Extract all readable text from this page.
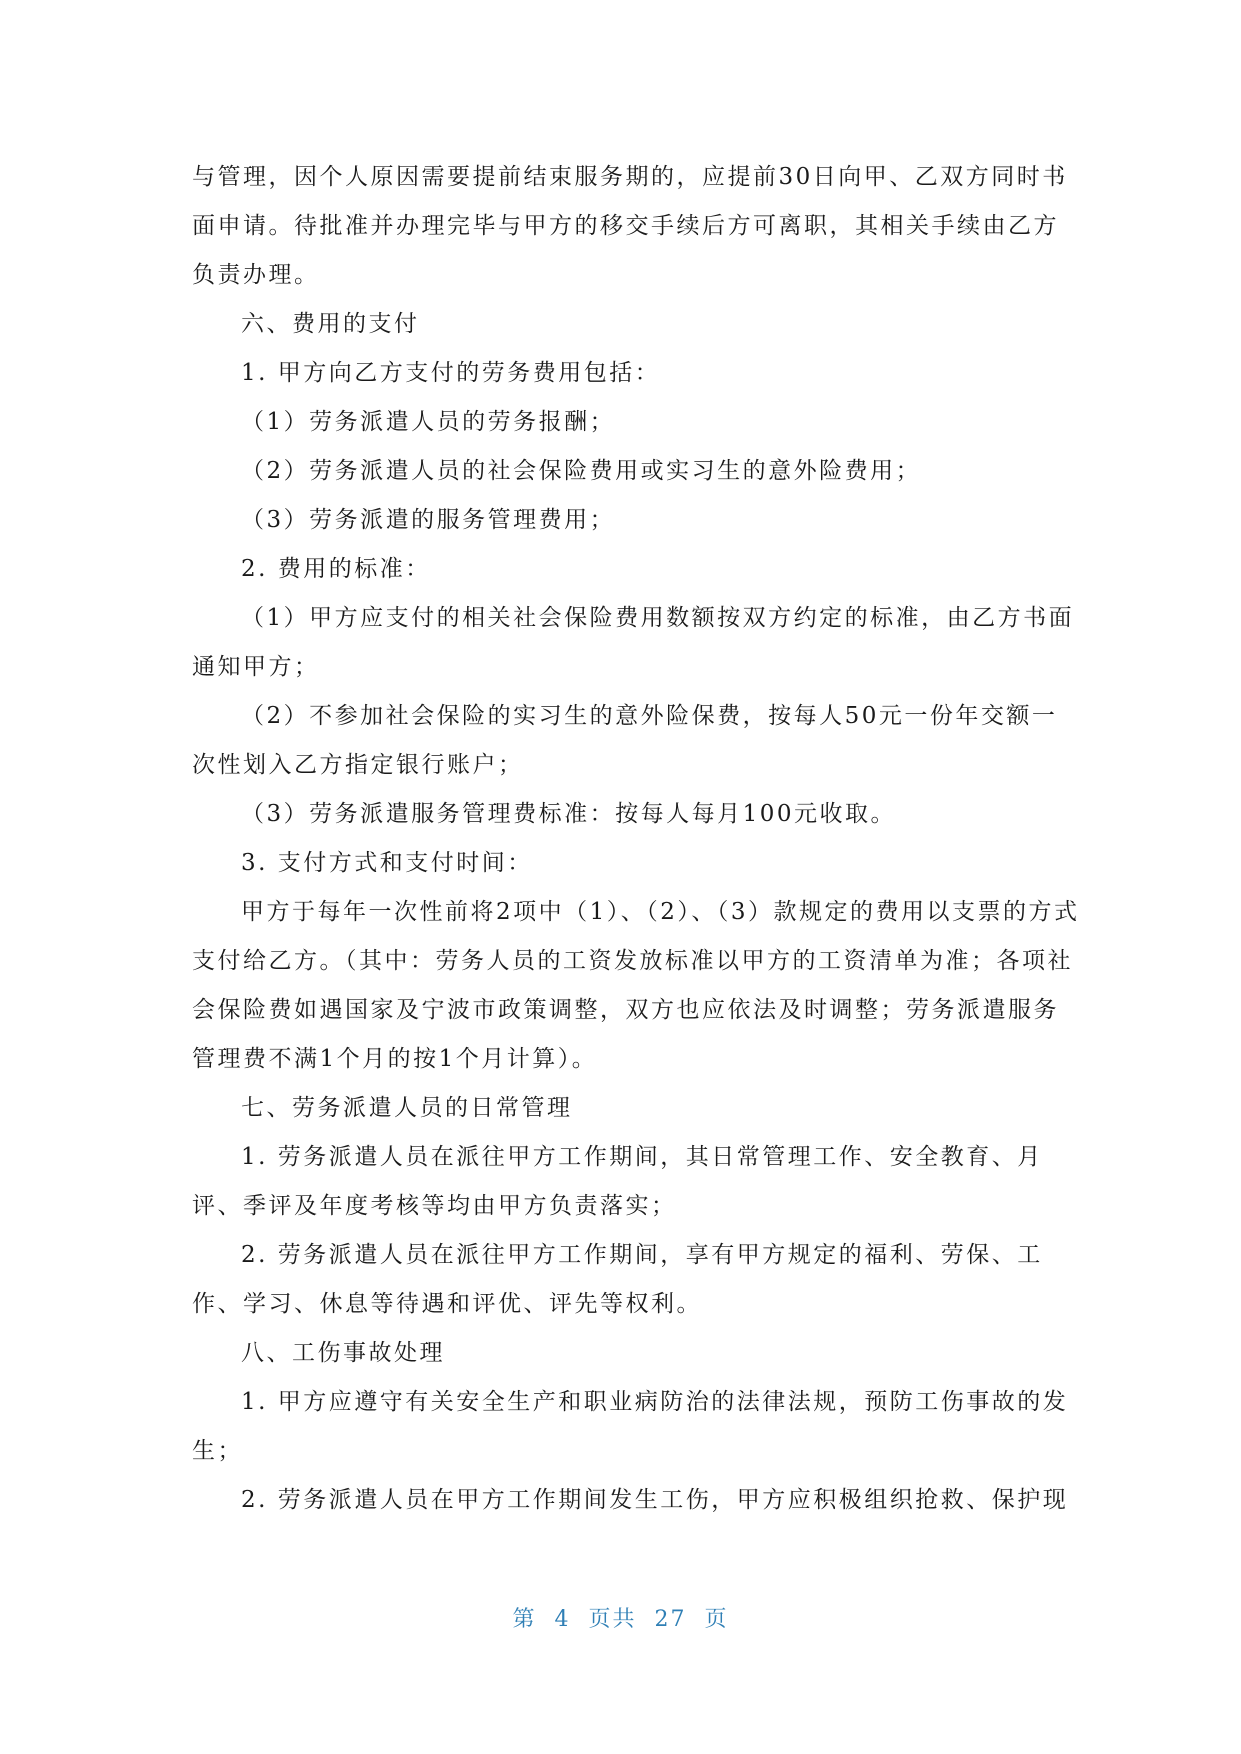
与管理，因个人原因需要提前结束服务期的，应提前30日向甲、乙双方同时书
面申请。待批准并办理完毕与甲方的移交手续后方可离职，其相关手续由乙方
负责办理。
六、费用的支付
1. 甲方向乙方支付的劳务费用包括：
（1）劳务派遣人员的劳务报酬；
（2）劳务派遣人员的社会保险费用或实习生的意外险费用；
（3）劳务派遣的服务管理费用；
2. 费用的标准：
（1）甲方应支付的相关社会保险费用数额按双方约定的标准，由乙方书面
通知甲方；
（2）不参加社会保险的实习生的意外险保费，按每人50元一份年交额一
次性划入乙方指定银行账户；
（3）劳务派遣服务管理费标准：按每人每月100元收取。
3. 支付方式和支付时间：
甲方于每年一次性前将2项中（1）、（2）、（3）款规定的费用以支票的方式
支付给乙方。（其中：劳务人员的工资发放标准以甲方的工资清单为准；各项社
会保险费如遇国家及宁波市政策调整，双方也应依法及时调整；劳务派遣服务
管理费不满1个月的按1个月计算）。
七、劳务派遣人员的日常管理
1. 劳务派遣人员在派往甲方工作期间，其日常管理工作、安全教育、月
评、季评及年度考核等均由甲方负责落实；
2. 劳务派遣人员在派往甲方工作期间，享有甲方规定的福利、劳保、工
作、学习、休息等待遇和评优、评先等权利。
八、工伤事故处理
1. 甲方应遵守有关安全生产和职业病防治的法律法规，预防工伤事故的发
生；
2. 劳务派遣人员在甲方工作期间发生工伤，甲方应积极组织抢救、保护现
第 4 页共 27 页
